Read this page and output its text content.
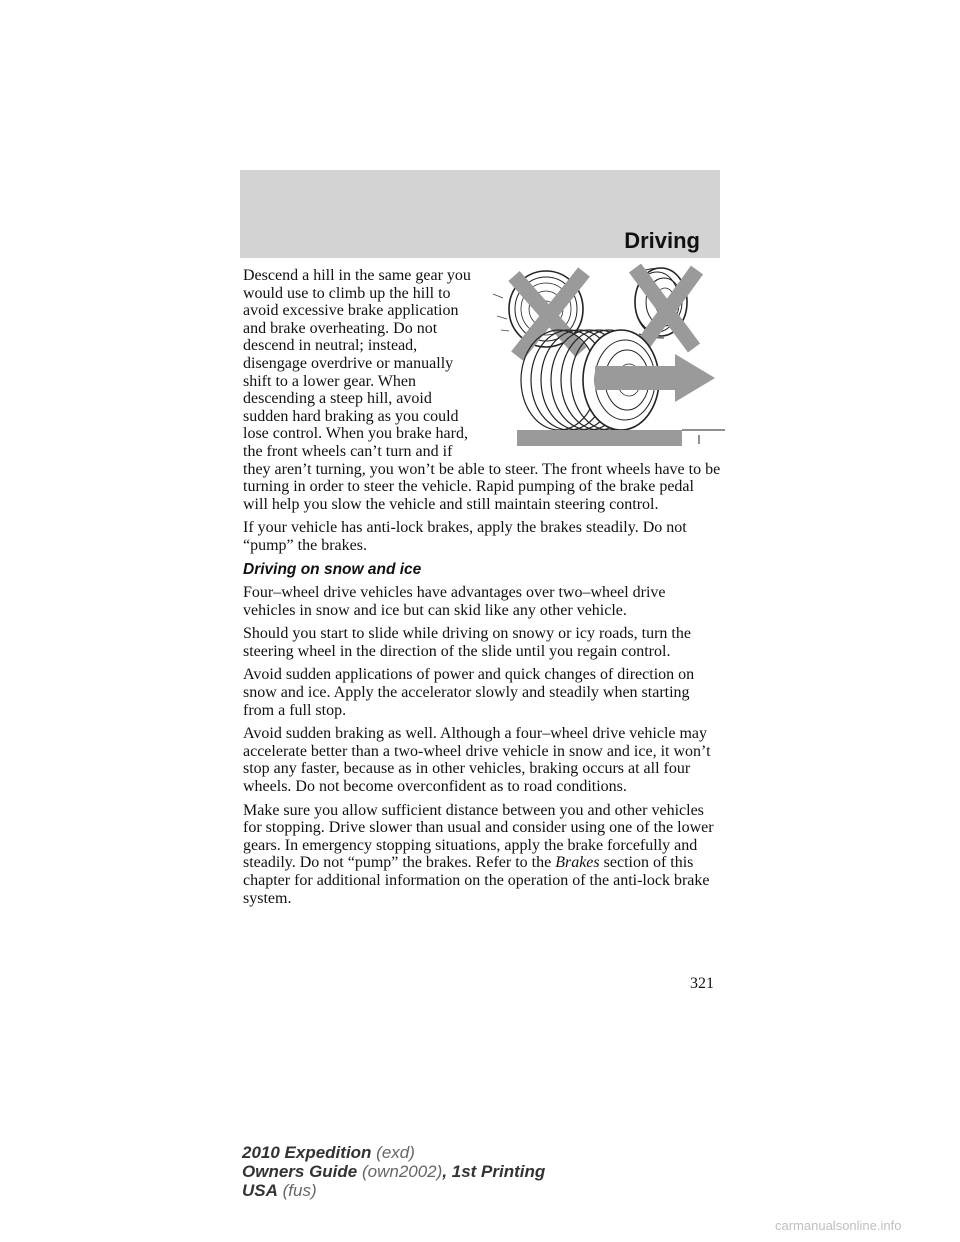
Driving

Descend a hill in the same gear you would use to climb up the hill to avoid excessive brake application and brake overheating. Do not descend in neutral; instead, disengage overdrive or manually shift to a lower gear. When descending a steep hill, avoid sudden hard braking as you could lose control. When you brake hard, the front wheels can’t turn and if they aren’t turning, you won’t be able to steer. The front wheels have to be turning in order to steer the vehicle. Rapid pumping of the brake pedal will help you slow the vehicle and still maintain steering control.

If your vehicle has anti-lock brakes, apply the brakes steadily. Do not “pump” the brakes.

Driving on snow and ice

Four–wheel drive vehicles have advantages over two–wheel drive vehicles in snow and ice but can skid like any other vehicle.

Should you start to slide while driving on snowy or icy roads, turn the steering wheel in the direction of the slide until you regain control.

Avoid sudden applications of power and quick changes of direction on snow and ice. Apply the accelerator slowly and steadily when starting from a full stop.

Avoid sudden braking as well. Although a four–wheel drive vehicle may accelerate better than a two-wheel drive vehicle in snow and ice, it won’t stop any faster, because as in other vehicles, braking occurs at all four wheels. Do not become overconfident as to road conditions.

Make sure you allow sufficient distance between you and other vehicles for stopping. Drive slower than usual and consider using one of the lower gears. In emergency stopping situations, apply the brake forcefully and steadily. Do not “pump” the brakes. Refer to the Brakes section of this chapter for additional information on the operation of the anti-lock brake system.

321
2010 Expedition (exd)
Owners Guide (own2002), 1st Printing
USA (fus)
carmanualsonline.info
